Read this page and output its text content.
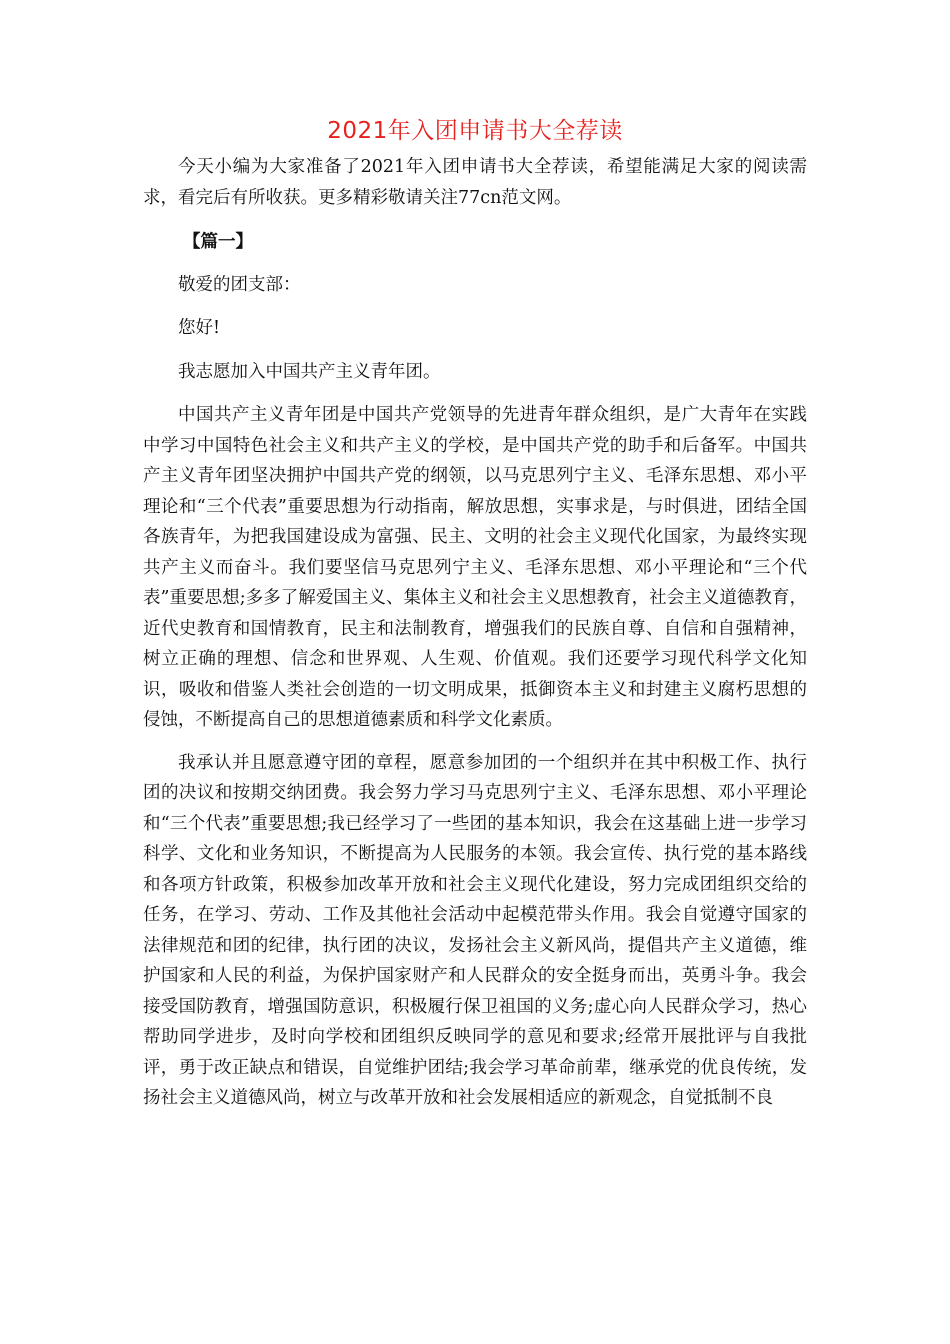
2021年入团申请书大全荐读

今天小编为大家准备了2021年入团申请书大全荐读，希望能满足大家的阅读需求，看完后有所收获。更多精彩敬请关注77cn范文网。

【篇一】

敬爱的团支部：

您好!

我志愿加入中国共产主义青年团。

中国共产主义青年团是中国共产党领导的先进青年群众组织，是广大青年在实践中学习中国特色社会主义和共产主义的学校，是中国共产党的助手和后备军。中国共产主义青年团坚决拥护中国共产党的纲领，以马克思列宁主义、毛泽东思想、邓小平理论和“三个代表”重要思想为行动指南，解放思想，实事求是，与时俱进，团结全国各族青年，为把我国建设成为富强、民主、文明的社会主义现代化国家，为最终实现共产主义而奋斗。我们要坚信马克思列宁主义、毛泽东思想、邓小平理论和“三个代表”重要思想;多多了解爱国主义、集体主义和社会主义思想教育，社会主义道德教育，近代史教育和国情教育，民主和法制教育，增强我们的民族自尊、自信和自强精神，树立正确的理想、信念和世界观、人生观、价值观。我们还要学习现代科学文化知识，吸收和借鉴人类社会创造的一切文明成果，抵御资本主义和封建主义腐朽思想的侵蚀，不断提高自己的思想道德素质和科学文化素质。

我承认并且愿意遵守团的章程，愿意参加团的一个组织并在其中积极工作、执行团的决议和按期交纳团费。我会努力学习马克思列宁主义、毛泽东思想、邓小平理论和“三个代表”重要思想;我已经学习了一些团的基本知识，我会在这基础上进一步学习科学、文化和业务知识，不断提高为人民服务的本领。我会宣传、执行党的基本路线和各项方针政策，积极参加改革开放和社会主义现代化建设，努力完成团组织交给的任务，在学习、劳动、工作及其他社会活动中起模范带头作用。我会自觉遵守国家的法律规范和团的纪律，执行团的决议，发扬社会主义新风尚，提倡共产主义道德，维护国家和人民的利益，为保护国家财产和人民群众的安全挺身而出，英勇斗争。我会接受国防教育，增强国防意识，积极履行保卫祖国的义务;虚心向人民群众学习，热心帮助同学进步，及时向学校和团组织反映同学的意见和要求;经常开展批评与自我批评，勇于改正缺点和错误，自觉维护团结;我会学习革命前辈，继承党的优良传统，发扬社会主义道德风尚，树立与改革开放和社会发展相适应的新观念，自觉抵制不良
